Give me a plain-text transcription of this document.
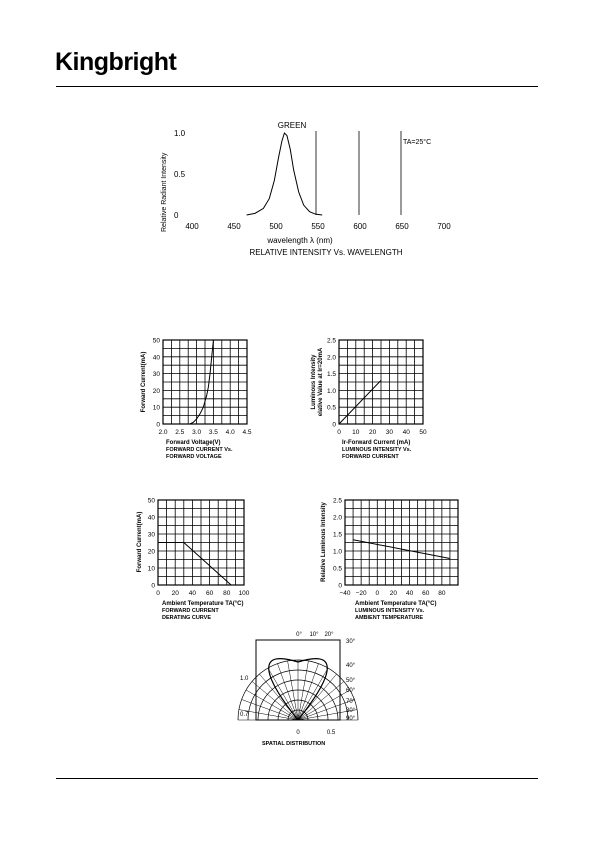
Kingbright
0
0.5
1.0
400	450	500	550	600	650	700
GREEN
TA=25°C
wavelength λ (nm)
RELATIVE INTENSITY Vs. WAVELENGTH
Relative Radiant Intensity
2.0 2.5 3.0 3.5 4.0 4.5
0
10
20
30
40
50
Forward Voltage(V)
FORWARD CURRENT Vs.
FORWARD VOLTAGE
Forward Current(mA)
0 10 20 30 40 50
0
0.5
1.0
1.5
2.0
2.5
Ir-Forward Current (mA)
LUMINOUS INTENSITY Vs.
FORWARD CURRENT
Luminous Intensity elative Value at Ir=20mA
0 20 40 60 80 100
0
10
20
30
40
50
Ambient Temperature TA(°C)
FORWARD CURRENT
DERATING CURVE
Forward Current(mA)
−40 −20 0 20 40 60 80
0
0.5
1.0
1.5
2.0
2.5
Ambient Temperature TA(°C)
LUMINOUS INTENSITY Vs.
AMBIENT TEMPERATURE
Relative Luminous Intensity
0° 10° 20°
30°
40°
50°
60°
70°
80°
90°
1.0
0.7
0	0.5
SPATIAL DISTRIBUTION
